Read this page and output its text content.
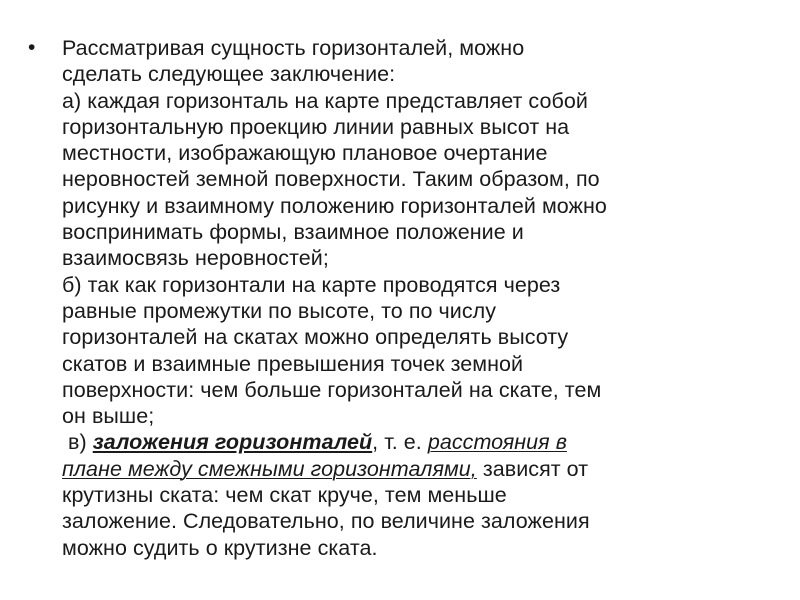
•	Рассматривая сущность горизонталей, можно
сделать следующее заключение:
а) каждая горизонталь на карте представляет собой
горизонтальную проекцию линии равных высот на
местности, изображающую плановое очертание
неровностей земной поверхности. Таким образом, по
рисунку и взаимному положению горизонталей можно
воспринимать формы, взаимное положение и
взаимосвязь неровностей;
б) так как горизонтали на карте проводятся через
равные промежутки по высоте, то по числу
горизонталей на скатах можно определять высоту
скатов и взаимные превышения точек земной
поверхности: чем больше горизонталей на скате, тем
он выше;
в) заложения горизонталей, т. е. расстояния в
плане между смежными горизонталями, зависят от
крутизны ската: чем скат круче, тем меньше
заложение. Следовательно, по величине заложения
можно судить о крутизне ската.
